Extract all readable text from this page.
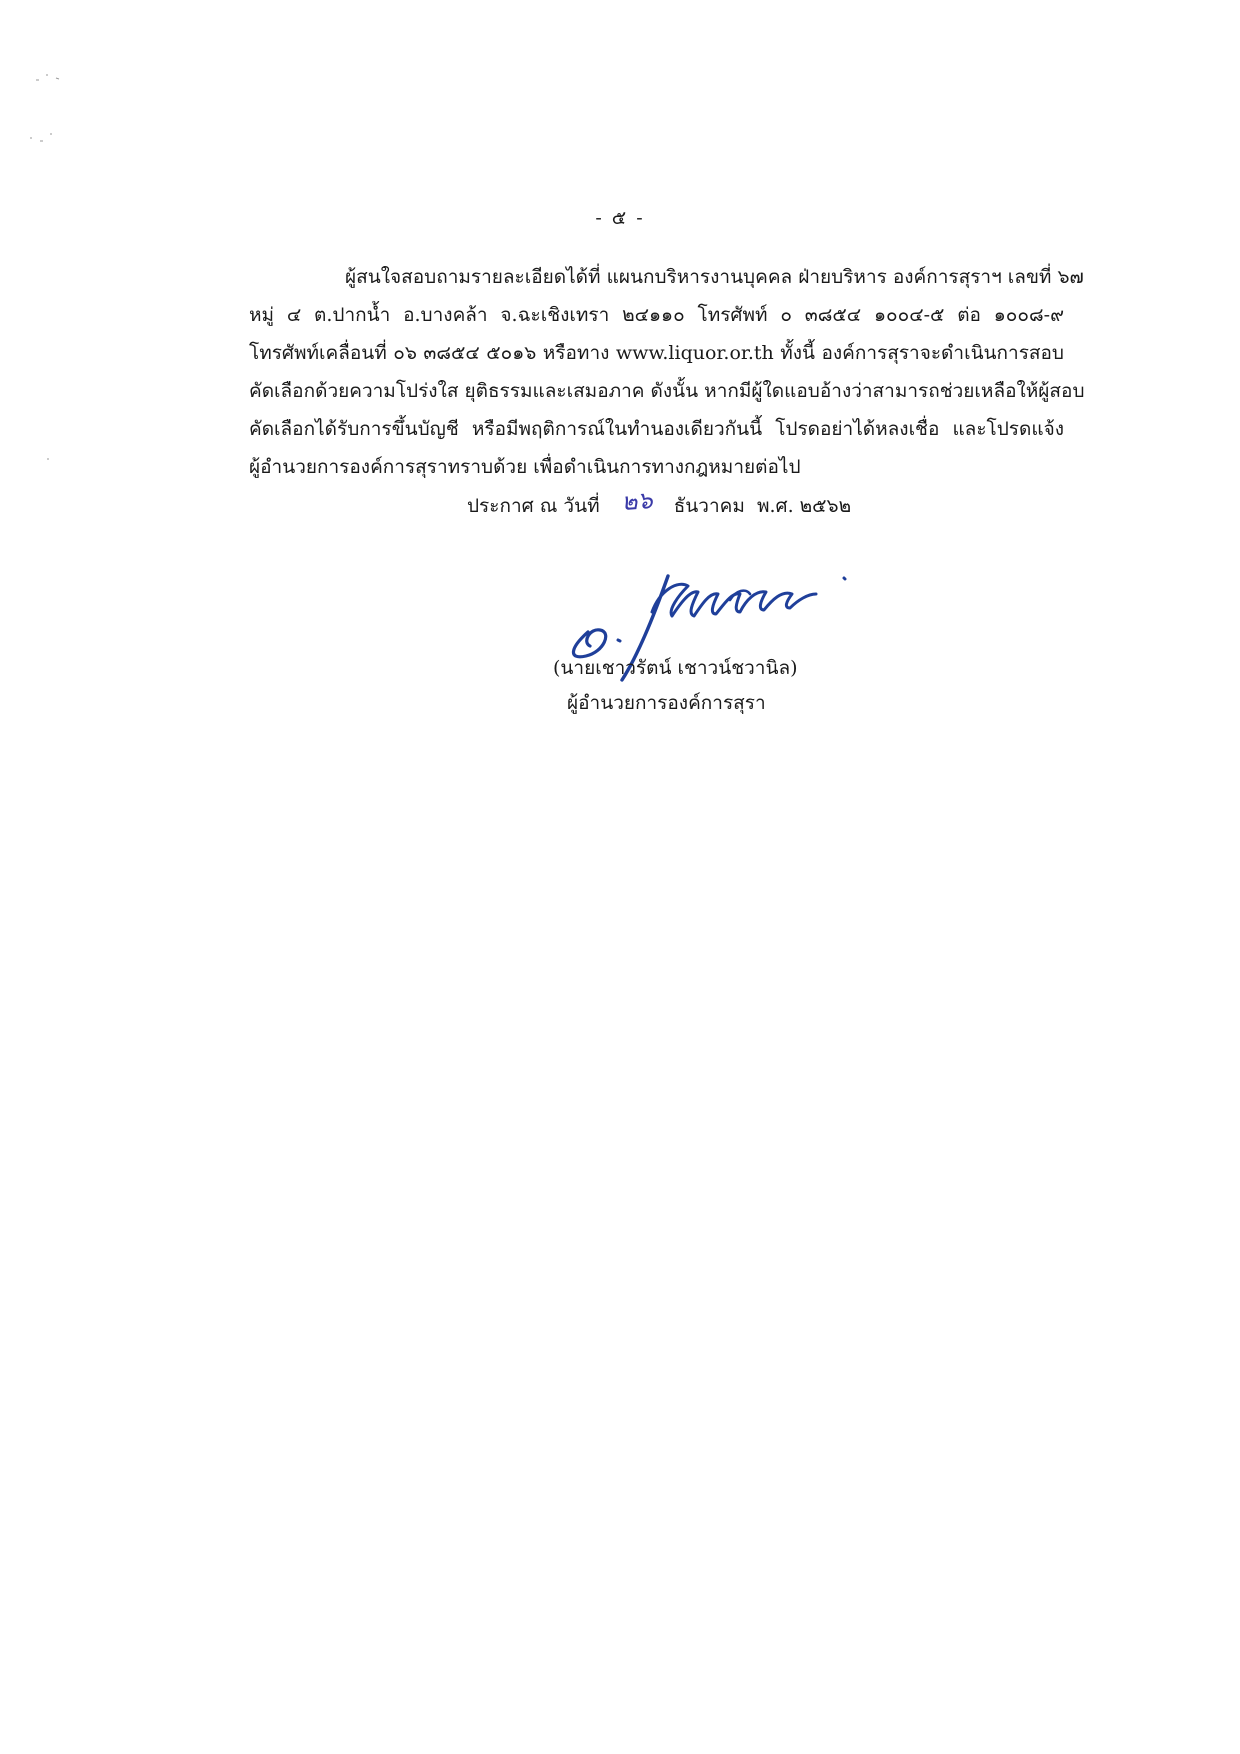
- ๕ -
ผู้สนใจสอบถามรายละเอียดได้ที่ แผนกบริหารงานบุคคล ฝ่ายบริหาร องค์การสุราฯ เลขที่ ๖๗
หมู่ ๔ ต.ปากน้ำ อ.บางคล้า จ.ฉะเชิงเทรา ๒๔๑๑๐ โทรศัพท์ ๐ ๓๘๕๔ ๑๐๐๔-๕ ต่อ ๑๐๐๘-๙
โทรศัพท์เคลื่อนที่ ๐๖ ๓๘๕๔ ๕๐๑๖ หรือทาง www.liquor.or.th ทั้งนี้ องค์การสุราจะดำเนินการสอบ
คัดเลือกด้วยความโปร่งใส ยุติธรรมและเสมอภาค ดังนั้น หากมีผู้ใดแอบอ้างว่าสามารถช่วยเหลือให้ผู้สอบ
คัดเลือกได้รับการขึ้นบัญชี หรือมีพฤติการณ์ในทำนองเดียวกันนี้ โปรดอย่าได้หลงเชื่อ และโปรดแจ้ง
ผู้อำนวยการองค์การสุราทราบด้วย เพื่อดำเนินการทางกฎหมายต่อไป
ประกาศ ณ วันที่ ๒๖ ธันวาคม พ.ศ. ๒๕๖๒
(นายเชาวรัตน์ เชาวน์ชวานิล)
ผู้อำนวยการองค์การสุรา
